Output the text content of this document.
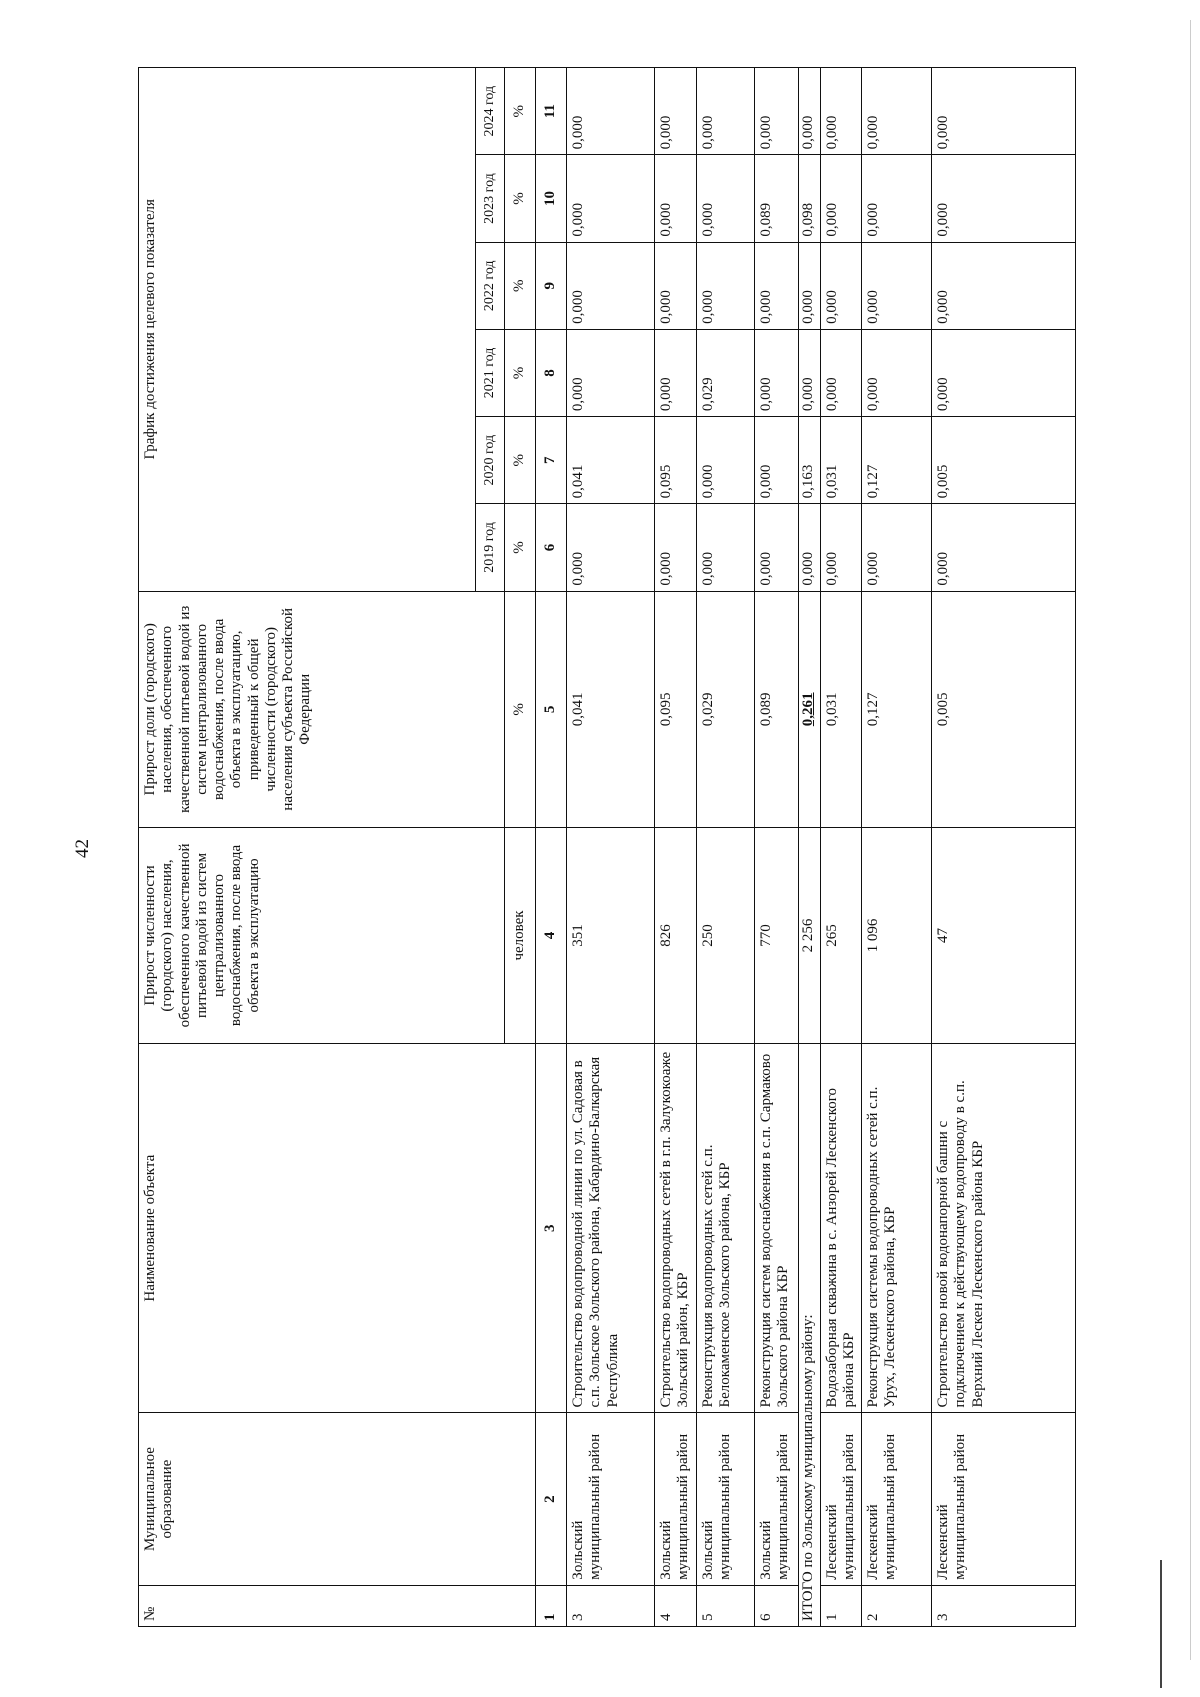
42
№	Муниципальное образование	Наименование объекта	Прирост численности (городского) населения, обеспеченного качественной питьевой водой из систем централизованного водоснабжения, после ввода объекта в эксплуатацию	Прирост доли (городского) населения, обеспеченного качественной питьевой водой из систем централизованного водоснабжения, после ввода объекта в эксплуатацию, приведенный к общей численности (городского) населения субъекта Российской Федерации	График достижения целевого показателя					
					2019 год	2020 год	2021 год	2022 год	2023 год	2024 год
			человек	%	%	%	%	%	%	%
1	2	3	4	5	6	7	8	9	10	11
3	Зольский муниципальный район	Строительство водопроводной линии по ул. Садовая в с.п. Зольское Зольского района, Кабардино-Балкарская Республика	351	0,041	0,000	0,041	0,000	0,000	0,000	0,000
4	Зольский муниципальный район	Строительство водопроводных сетей в г.п. Залукокоаже Зольский район, КБР	826	0,095	0,000	0,095	0,000	0,000	0,000	0,000
5	Зольский муниципальный район	Реконструкция водопроводных сетей с.п. Белокаменское Зольского района, КБР	250	0,029	0,000	0,000	0,029	0,000	0,000	0,000
6	Зольский муниципальный район	Реконструкция систем водоснабжения в с.п. Сармаково Зольского района КБР	770	0,089	0,000	0,000	0,000	0,000	0,089	0,000
ИТОГО по Зольскому муниципальному району:			2 256	0,261	0,000	0,163	0,000	0,000	0,098	0,000
1	Лескенский муниципальный район	Водозаборная скважина в с. Анзорей Лескенского района КБР	265	0,031	0,000	0,031	0,000	0,000	0,000	0,000
2	Лескенский муниципальный район	Реконструкция системы водопроводных сетей с.п. Урух, Лескенского района, КБР	1 096	0,127	0,000	0,127	0,000	0,000	0,000	0,000
3	Лескенский муниципальный район	Строительство новой водонапорной башни с подключением к действующему водопроводу в с.п. Верхний Лескен Лескенского района КБР	47	0,005	0,000	0,005	0,000	0,000	0,000	0,000
